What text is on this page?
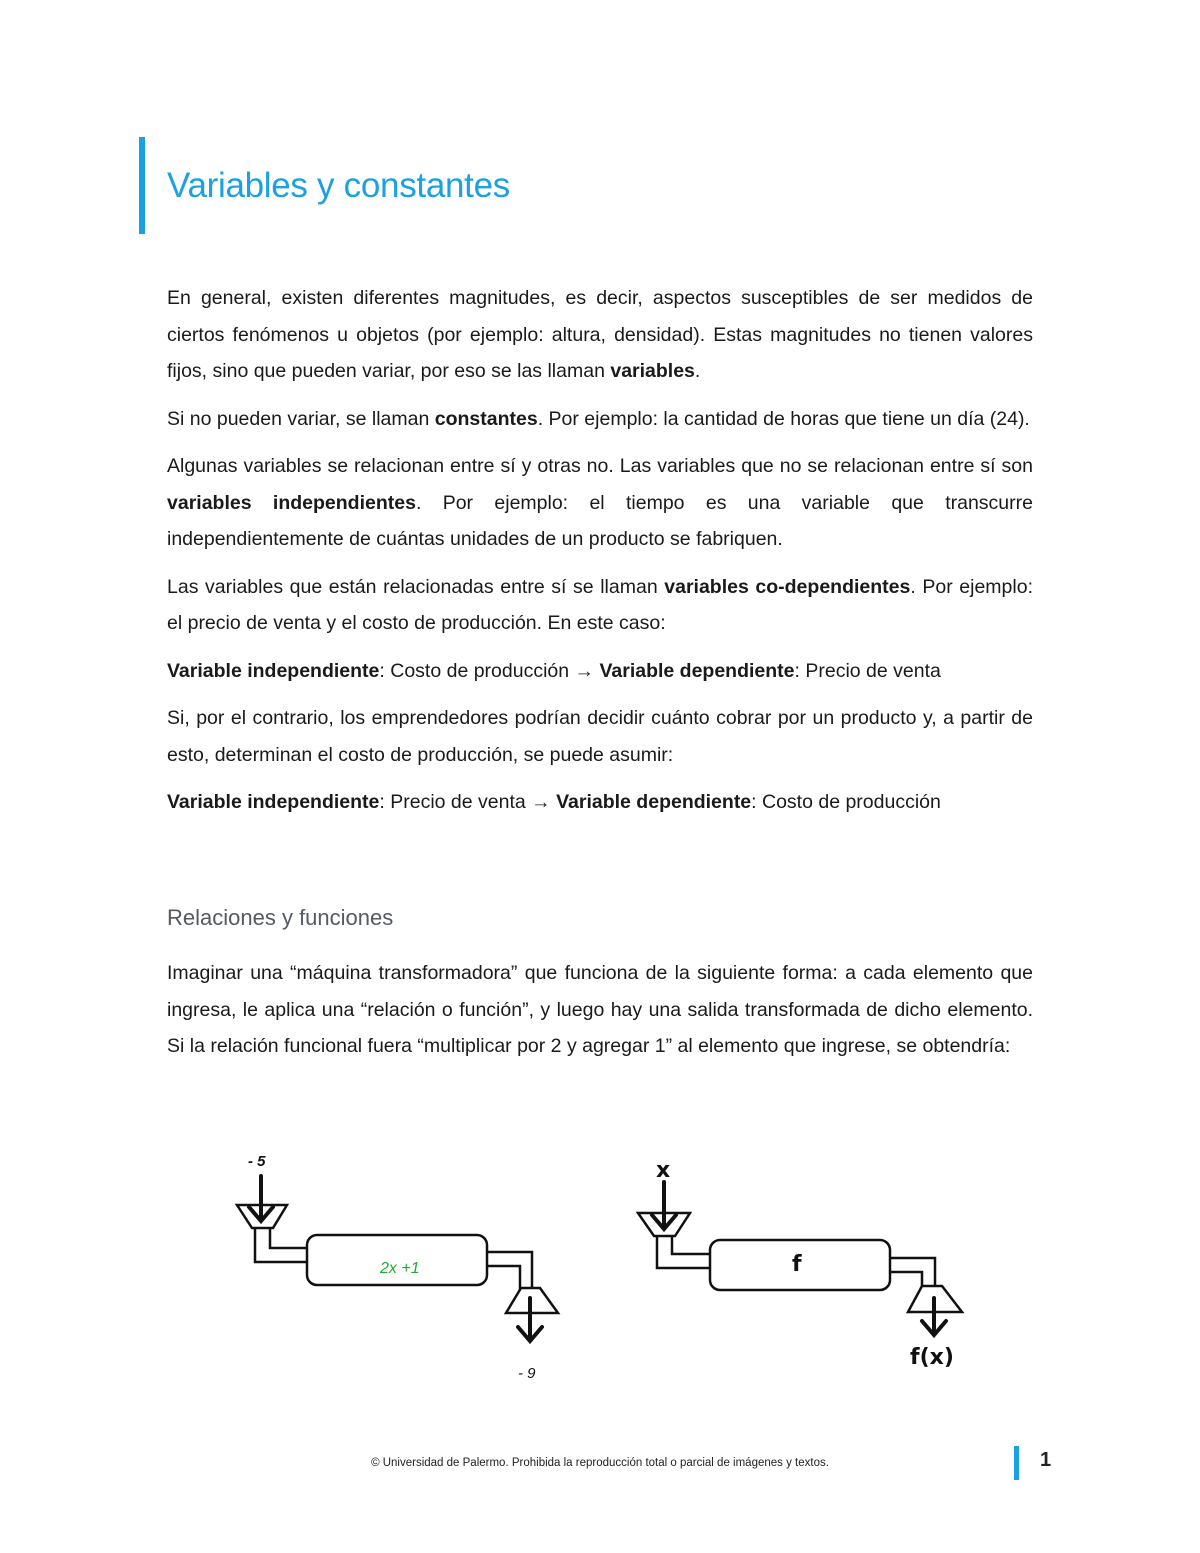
Variables y constantes

En general, existen diferentes magnitudes, es decir, aspectos susceptibles de ser medidos de ciertos fenómenos u objetos (por ejemplo: altura, densidad). Estas magnitudes no tienen valores fijos, sino que pueden variar, por eso se las llaman variables.

Si no pueden variar, se llaman constantes. Por ejemplo: la cantidad de horas que tiene un día (24).

Algunas variables se relacionan entre sí y otras no. Las variables que no se relacionan entre sí son variables independientes. Por ejemplo: el tiempo es una variable que transcurre independientemente de cuántas unidades de un producto se fabriquen.

Las variables que están relacionadas entre sí se llaman variables co-dependientes. Por ejemplo: el precio de venta y el costo de producción. En este caso:

Variable independiente: Costo de producción → Variable dependiente: Precio de venta

Si, por el contrario, los emprendedores podrían decidir cuánto cobrar por un producto y, a partir de esto, determinan el costo de producción, se puede asumir:

Variable independiente: Precio de venta → Variable dependiente: Costo de producción

Relaciones y funciones

Imaginar una “máquina transformadora” que funciona de la siguiente forma: a cada elemento que ingresa, le aplica una “relación o función”, y luego hay una salida transformada de dicho elemento. Si la relación funcional fuera “multiplicar por 2 y agregar 1” al elemento que ingrese, se obtendría:

- 5
2x +1
- 9
x
f
f(x)
© Universidad de Palermo. Prohibida la reproducción total o parcial de imágenes y textos.	1
